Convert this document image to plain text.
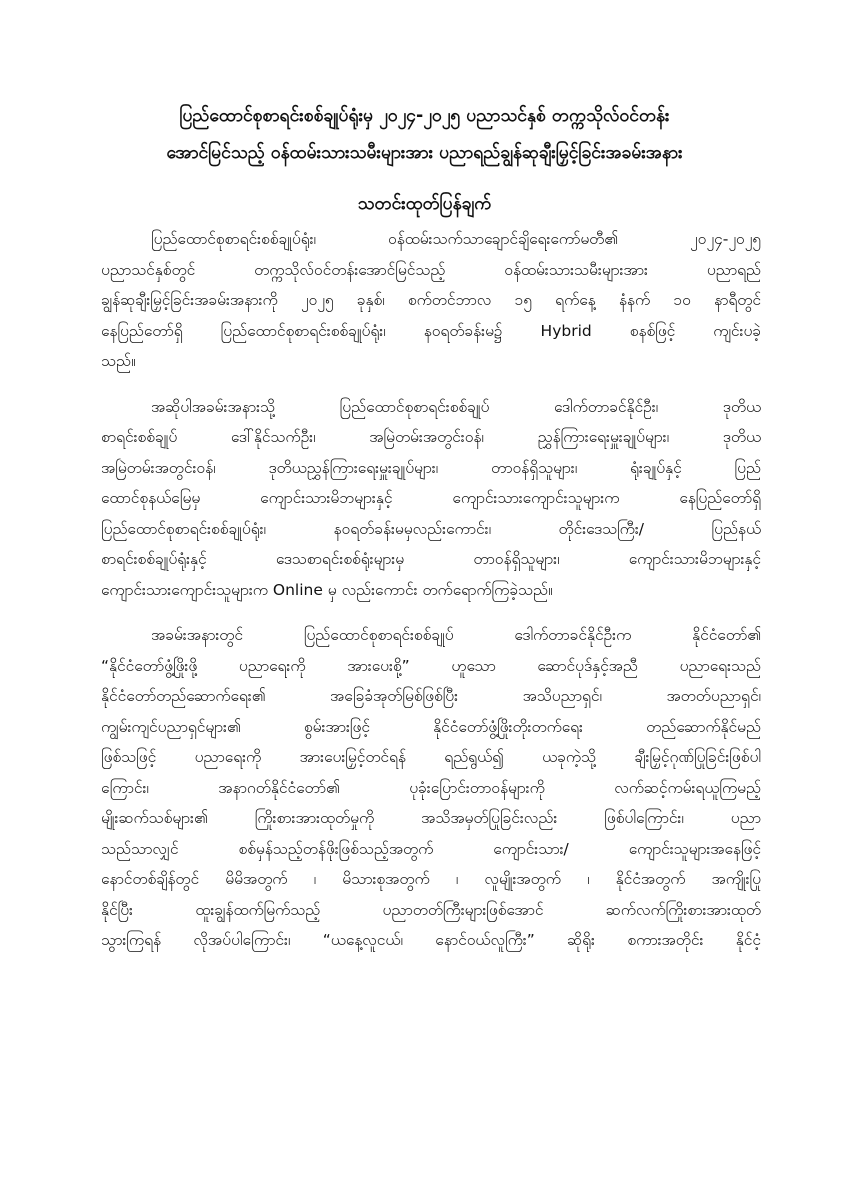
ပြည်ထောင်စုစာရင်းစစ်ချုပ်ရုံးမှ ၂၀၂၄-၂၀၂၅ ပညာသင်နှစ် တက္ကသိုလ်ဝင်တန်း

အောင်မြင်သည့် ဝန်ထမ်းသားသမီးများအား ပညာရည်ချွန်ဆုချီးမြှင့်ခြင်းအခမ်းအနား

သတင်းထုတ်ပြန်ချက်

ပြည်ထောင်စုစာရင်းစစ်ချုပ်ရုံး၊ ဝန်ထမ်းသက်သာချောင်ချိရေးကော်မတီ၏ ၂၀၂၄-၂၀၂၅
ပညာသင်နှစ်တွင် တက္ကသိုလ်ဝင်တန်းအောင်မြင်သည့် ဝန်ထမ်းသားသမီးများအား ပညာရည်
ချွန်ဆုချီးမြှင့်ခြင်းအခမ်းအနားကို ၂၀၂၅ ခုနှစ်၊ စက်တင်ဘာလ ၁၅ ရက်နေ့ နံနက် ၁၀ နာရီတွင်
နေပြည်တော်ရှိ ပြည်ထောင်စုစာရင်းစစ်ချုပ်ရုံး၊ နဝရတ်ခန်းမ၌ Hybrid စနစ်ဖြင့် ကျင်းပခဲ့
သည်။
အဆိုပါအခမ်းအနားသို့ ပြည်ထောင်စုစာရင်းစစ်ချုပ် ဒေါက်တာခင်နိုင်ဦး၊ ဒုတိယ
စာရင်းစစ်ချုပ် ဒေါ်နိုင်သက်ဦး၊ အမြဲတမ်းအတွင်းဝန်၊ ညွှန်ကြားရေးမှူးချုပ်များ၊ ဒုတိယ
အမြဲတမ်းအတွင်းဝန်၊ ဒုတိယညွှန်ကြားရေးမှူးချုပ်များ၊ တာဝန်ရှိသူများ၊ ရုံးချုပ်နှင့် ပြည်
ထောင်စုနယ်မြေမှ ကျောင်းသားမိဘများနှင့် ကျောင်းသားကျောင်းသူများက နေပြည်တော်ရှိ
ပြည်ထောင်စုစာရင်းစစ်ချုပ်ရုံး၊ နဝရတ်ခန်းမမှလည်းကောင်း၊ တိုင်းဒေသကြီး/ ပြည်နယ်
စာရင်းစစ်ချုပ်ရုံးနှင့် ဒေသစာရင်းစစ်ရုံးများမှ တာဝန်ရှိသူများ၊ ကျောင်းသားမိဘများနှင့်
ကျောင်းသားကျောင်းသူများက Online မှ လည်းကောင်း တက်ရောက်ကြခဲ့သည်။
အခမ်းအနားတွင် ပြည်ထောင်စုစာရင်းစစ်ချုပ် ဒေါက်တာခင်နိုင်ဦးက နိုင်ငံတော်၏
“နိုင်ငံတော်ဖွံ့ဖြိုးဖို့ ပညာရေးကို အားပေးစို့” ဟူသော ဆောင်ပုဒ်နှင့်အညီ ပညာရေးသည်
နိုင်ငံတော်တည်ဆောက်ရေး၏ အခြေခံအုတ်မြစ်ဖြစ်ပြီး အသိပညာရှင်၊ အတတ်ပညာရှင်၊
ကျွမ်းကျင်ပညာရှင်များ၏ စွမ်းအားဖြင့် နိုင်ငံတော်ဖွံ့ဖြိုးတိုးတက်ရေး တည်ဆောက်နိုင်မည်
ဖြစ်သဖြင့် ပညာရေးကို အားပေးမြှင့်တင်ရန် ရည်ရွယ်၍ ယခုကဲ့သို့ ချီးမြှင့်ဂုဏ်ပြုခြင်းဖြစ်ပါ
ကြောင်း၊ အနာဂတ်နိုင်ငံတော်၏ ပုခုံးပြောင်းတာဝန်များကို လက်ဆင့်ကမ်းရယူကြမည့်
မျိုးဆက်သစ်များ၏ ကြိုးစားအားထုတ်မှုကို အသိအမှတ်ပြုခြင်းလည်း ဖြစ်ပါကြောင်း၊ ပညာ
သည်သာလျှင် စစ်မှန်သည့်တန်ဖိုးဖြစ်သည့်အတွက် ကျောင်းသား/ ကျောင်းသူများအနေဖြင့်
နောင်တစ်ချိန်တွင် မိမိအတွက် ၊ မိသားစုအတွက် ၊ လူမျိုးအတွက် ၊ နိုင်ငံအတွက် အကျိုးပြု
နိုင်ပြီး ထူးချွန်ထက်မြက်သည့် ပညာတတ်ကြီးများဖြစ်အောင် ဆက်လက်ကြိုးစားအားထုတ်
သွားကြရန် လိုအပ်ပါကြောင်း၊ “ယနေ့လူငယ်၊ နောင်ဝယ်လူကြီး” ဆိုရိုး စကားအတိုင်း နိုင်ငံ့
